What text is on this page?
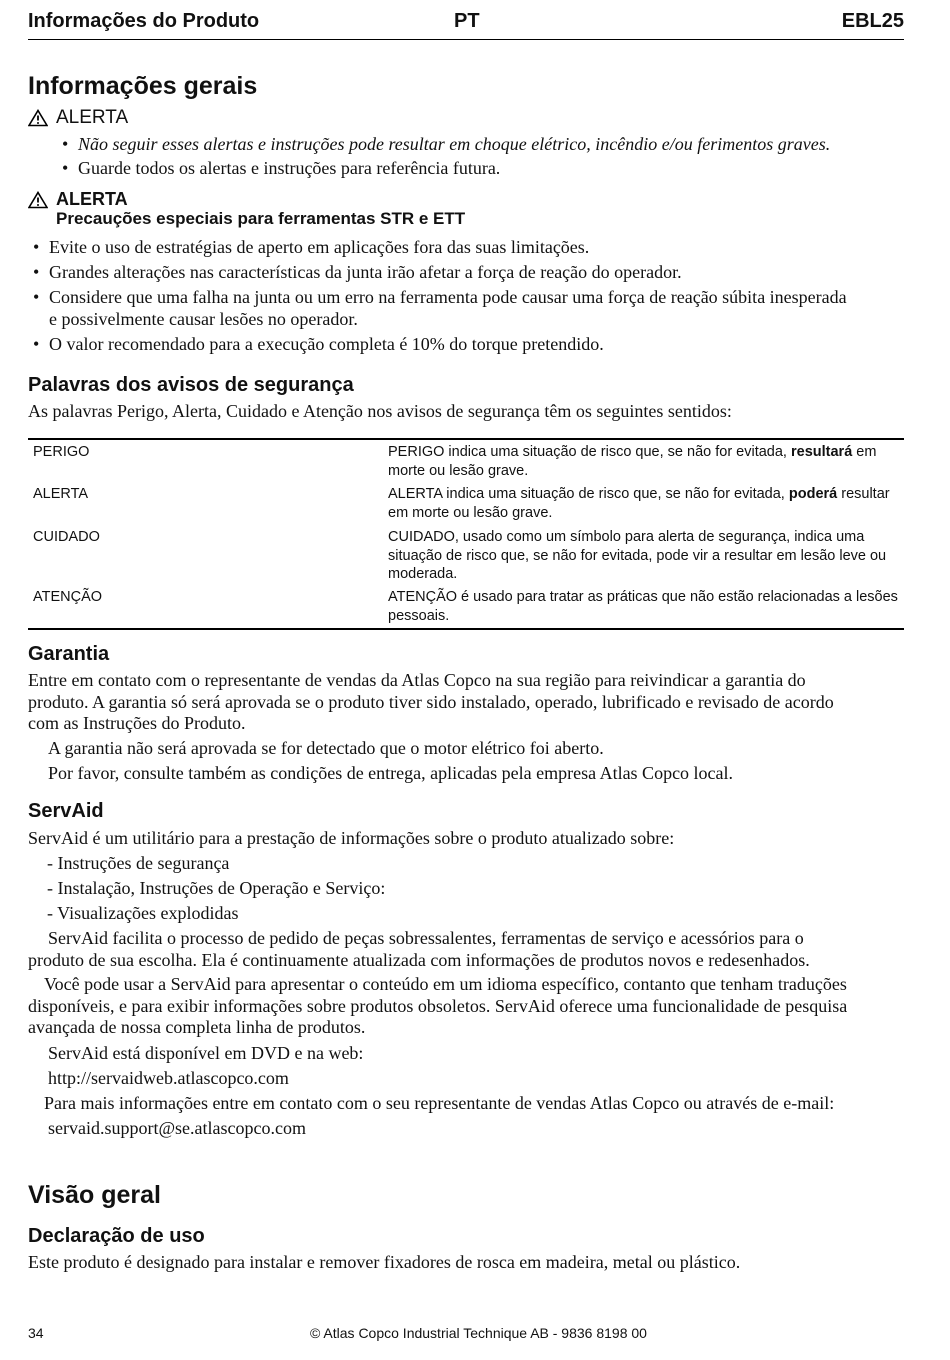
Informações do Produto	PT	EBL25
Informações gerais
ALERTA
• Não seguir esses alertas e instruções pode resultar em choque elétrico, incêndio e/ou ferimentos graves.
• Guarde todos os alertas e instruções para referência futura.
ALERTA
Precauções especiais para ferramentas STR e ETT
• Evite o uso de estratégias de aperto em aplicações fora das suas limitações.
• Grandes alterações nas características da junta irão afetar a força de reação do operador.
• Considere que uma falha na junta ou um erro na ferramenta pode causar uma força de reação súbita inesperada
e possivelmente causar lesões no operador.
• O valor recomendado para a execução completa é 10% do torque pretendido.
Palavras dos avisos de segurança
As palavras Perigo, Alerta, Cuidado e Atenção nos avisos de segurança têm os seguintes sentidos:
PERIGO	PERIGO indica uma situação de risco que, se não for evitada, resultará em
morte ou lesão grave.
ALERTA	ALERTA indica uma situação de risco que, se não for evitada, poderá resultar
em morte ou lesão grave.
CUIDADO	CUIDADO, usado como um símbolo para alerta de segurança, indica uma
situação de risco que, se não for evitada, pode vir a resultar em lesão leve ou
moderada.
ATENÇÃO	ATENÇÃO é usado para tratar as práticas que não estão relacionadas a lesões
pessoais.
Garantia
Entre em contato com o representante de vendas da Atlas Copco na sua região para reivindicar a garantia do
produto. A garantia só será aprovada se o produto tiver sido instalado, operado, lubrificado e revisado de acordo
com as Instruções do Produto.
A garantia não será aprovada se for detectado que o motor elétrico foi aberto.
Por favor, consulte também as condições de entrega, aplicadas pela empresa Atlas Copco local.
ServAid
ServAid é um utilitário para a prestação de informações sobre o produto atualizado sobre:
- Instruções de segurança
- Instalação, Instruções de Operação e Serviço:
- Visualizações explodidas
ServAid facilita o processo de pedido de peças sobressalentes, ferramentas de serviço e acessórios para o
produto de sua escolha. Ela é continuamente atualizada com informações de produtos novos e redesenhados.
Você pode usar a ServAid para apresentar o conteúdo em um idioma específico, contanto que tenham traduções
disponíveis, e para exibir informações sobre produtos obsoletos. ServAid oferece uma funcionalidade de pesquisa
avançada de nossa completa linha de produtos.
ServAid está disponível em DVD e na web:
http://servaidweb.atlascopco.com
Para mais informações entre em contato com o seu representante de vendas Atlas Copco ou através de e-mail:
servaid.support@se.atlascopco.com
Visão geral
Declaração de uso
Este produto é designado para instalar e remover fixadores de rosca em madeira, metal ou plástico.
34	© Atlas Copco Industrial Technique AB - 9836 8198 00
